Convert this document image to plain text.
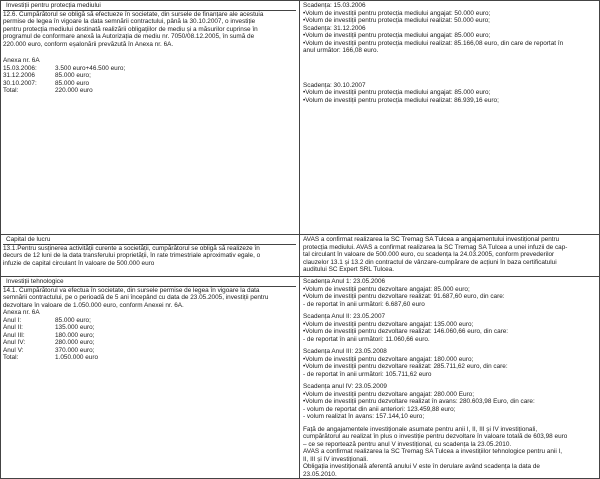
Investiții pentru protecția mediului

12.6. Cumpărătorul se obligă să efectueze în societate, din sursele de finanțare ale acestuia

permise de legea în vigoare la data semnării contractului, până la 30.10.2007, o investiție

pentru protecția mediului destinată realizării obligațiilor de mediu și a măsurilor cuprinse în

programul de conformare anexă la Autorizația de mediu nr. 7050/08.12.2005, în sumă de

220.000 euro, conform eșalonării prevăzută în Anexa nr. 6A.

Anexa nr. 6A

15.03.2006:	3.500 euro+46.500 euro;
31.12.2006	85.000 euro;
30.10.2007:	85.000 euro
Total:	220.000 euro

Scadența: 15.03.2006

•Volum de investiții pentru protecția mediului angajat: 50.000 euro;

•Volum de investiții pentru protecția mediului realizat: 50.000 euro;

Scadența: 31.12.2006

•Volum de investiții pentru protecția mediului angajat: 85.000 euro;

•Volum de investiții pentru protecția mediului realizat: 85.166,08 euro, din care de reportat în

anul următor: 166,08 euro.

Scadența: 30.10.2007

•Volum de investiții pentru protecția mediului angajat: 85.000 euro;

•Volum de investiții pentru protecția mediului realizat: 86.939,16 euro;

Capital de lucru

13.1.Pentru susținerea activității curente a societății, cumpărătorul se obligă să realizeze în

decurs de 12 luni de la data transferului proprietății, în rate trimestriale aproximativ egale, o

infuzie de capital circulant în valoare de 500.000 euro

AVAS a confirmat realizarea la SC Tremag SA Tulcea a angajamentului investițional pentru

protecția mediului. AVAS a confirmat realizarea la SC Tremag SA Tulcea a unei infuzii de cap-

tal circulant în valoare de 500.000 euro, cu scadența la 24.03.2005, conform prevederilor

clauzelor 13.1 și 13.2 din contractul de vânzare-cumpărare de acțiuni în baza certificatului

auditului SC Expert SRL Tulcea.

Investiții tehnologice

14.1. Cumpărătorul va efectua în societate, din sursele permise de legea în vigoare la data

semnării contractului, pe o perioadă de 5 ani începând cu data de 23.05.2005, investiții pentru

dezvoltare în valoare de 1.050.000 euro, conform Anexei nr. 6A.

Anexa nr. 6A

Anul I:	85.000 euro;
Anul II:	135.000 euro;
Anul III:	180.000 euro;
Anul IV:	280.000 euro;
Anul V:	370.000 euro;
Total:	1.050.000 euro

Scadența Anul 1: 23.05.2006

•Volum de investiții pentru dezvoltare angajat: 85.000 euro;

•Volum de investiții pentru dezvoltare realizat: 91.687,60 euro, din care:

- de reportat în anii următori: 6.687,60 euro

Scadența Anul II: 23.05.2007

•Volum de investiții pentru dezvoltare angajat: 135.000 euro;

•Volum de investiții pentru dezvoltare realizat: 146.060,66 euro, din care:

- de reportat în anii următori: 11.060,66 euro.

Scadența Anul III: 23.05.2008

•Volum de investiții pentru dezvoltare angajat: 180.000 euro;

•Volum de investiții pentru dezvoltare realizat: 285.711,62 euro, din care:

- de reportat în anii următori: 105.711,62 euro

Scadența anul IV: 23.05.2009

•Volum de investiții pentru dezvoltare angajat: 280.000 Euro;

•Volum de investiții pentru dezvoltare realizat în avans: 280.603,98 Euro, din care:

- volum de reportat din anii anteriori: 123.459,88 euro;

- volum realizat în avans: 157.144,10 euro;

Față de angajamentele investiționale asumate pentru anii I, II, III și IV investiționali,

cumpărătorul au realizat în plus o investiție pentru dezvoltare în valoare totală de 603,98 euro

– ce se reportează pentru anul V investițional, cu scadența la 23.05.2010.

AVAS a confirmat realizarea la SC Tremag SA Tulcea a investițiilor tehnologice pentru anii I,

II, III și IV investiționali.

Obligația investițională aferentă anului V este în derulare având scadența la data de

23.05.2010.
